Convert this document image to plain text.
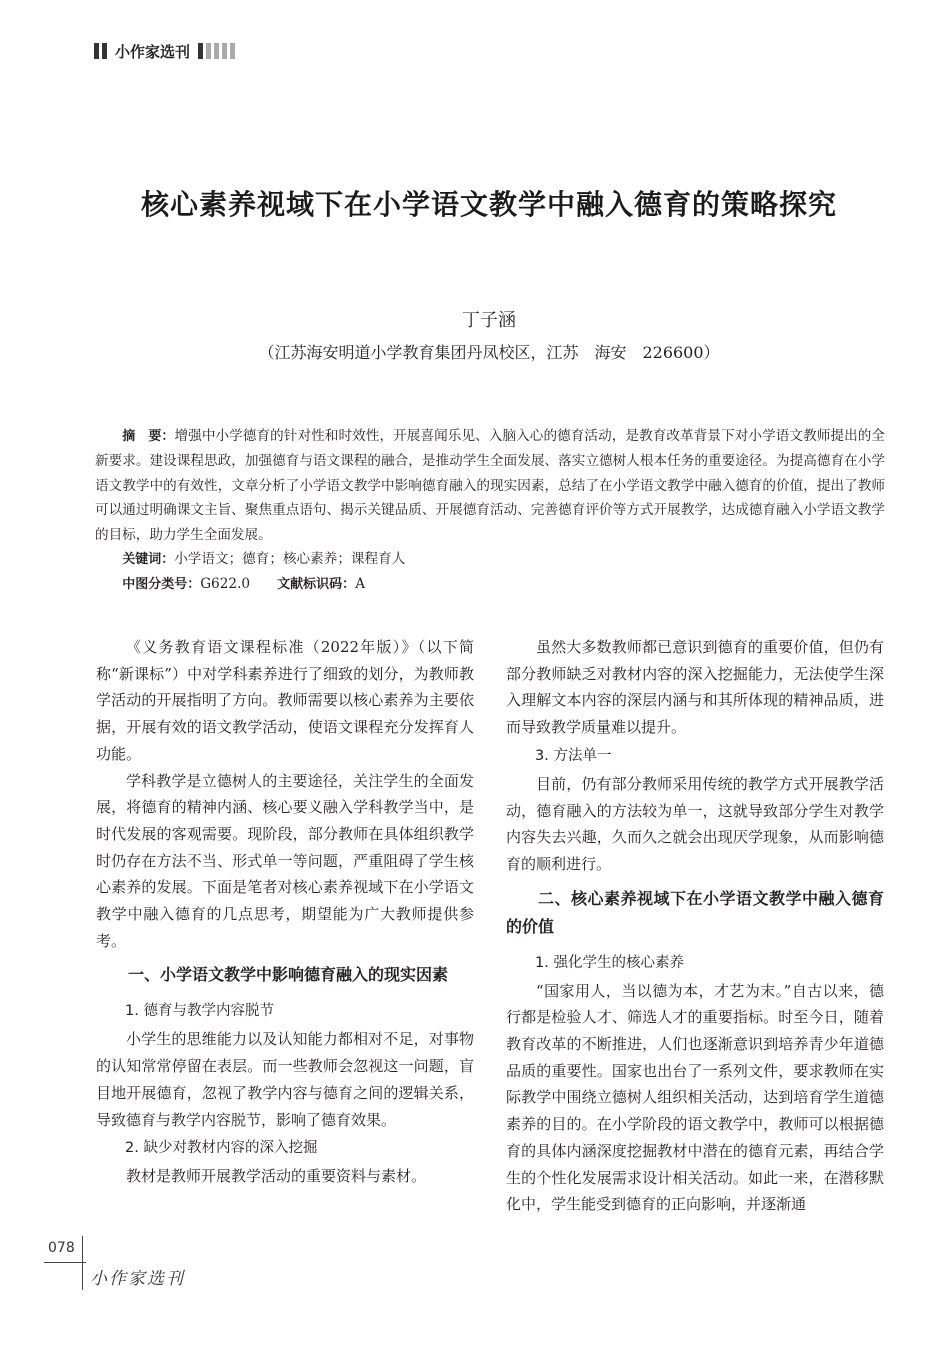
小作家选刊
核心素养视域下在小学语文教学中融入德育的策略探究
丁子涵
（江苏海安明道小学教育集团丹凤校区，江苏　海安　226600）

摘　要：增强中小学德育的针对性和时效性，开展喜闻乐见、入脑入心的德育活动，是教育改革背景下对小学语文教师提出的全新要求。建设课程思政，加强德育与语文课程的融合，是推动学生全面发展、落实立德树人根本任务的重要途径。为提高德育在小学语文教学中的有效性，文章分析了小学语文教学中影响德育融入的现实因素，总结了在小学语文教学中融入德育的价值，提出了教师可以通过明确课文主旨、聚焦重点语句、揭示关键品质、开展德育活动、完善德育评价等方式开展教学，达成德育融入小学语文教学的目标，助力学生全面发展。

关键词：小学语文；德育；核心素养；课程育人
中图分类号：G622.0　　 文献标识码：A

《义务教育语文课程标准（2022年版）》（以下简称“新课标”）中对学科素养进行了细致的划分，为教师教学活动的开展指明了方向。教师需要以核心素养为主要依据，开展有效的语文教学活动，使语文课程充分发挥育人功能。

学科教学是立德树人的主要途径，关注学生的全面发展，将德育的精神内涵、核心要义融入学科教学当中，是时代发展的客观需要。现阶段，部分教师在具体组织教学时仍存在方法不当、形式单一等问题，严重阻碍了学生核心素养的发展。下面是笔者对核心素养视域下在小学语文教学中融入德育的几点思考，期望能为广大教师提供参考。

一、小学语文教学中影响德育融入的现实因素
1. 德育与教学内容脱节

小学生的思维能力以及认知能力都相对不足，对事物的认知常常停留在表层。而一些教师会忽视这一问题，盲目地开展德育，忽视了教学内容与德育之间的逻辑关系，导致德育与教学内容脱节，影响了德育效果。

2. 缺少对教材内容的深入挖掘

教材是教师开展教学活动的重要资料与素材。

虽然大多数教师都已意识到德育的重要价值，但仍有部分教师缺乏对教材内容的深入挖掘能力，无法使学生深入理解文本内容的深层内涵与和其所体现的精神品质，进而导致教学质量难以提升。

3. 方法单一

目前，仍有部分教师采用传统的教学方式开展教学活动，德育融入的方法较为单一，这就导致部分学生对教学内容失去兴趣，久而久之就会出现厌学现象，从而影响德育的顺利进行。

二、核心素养视域下在小学语文教学中融入德育的价值
1. 强化学生的核心素养

“国家用人，当以德为本，才艺为末。”自古以来，德行都是检验人才、筛选人才的重要指标。时至今日，随着教育改革的不断推进，人们也逐渐意识到培养青少年道德品质的重要性。国家也出台了一系列文件，要求教师在实际教学中围绕立德树人组织相关活动，达到培育学生道德素养的目的。在小学阶段的语文教学中，教师可以根据德育的具体内涵深度挖掘教材中潜在的德育元素，再结合学生的个性化发展需求设计相关活动。如此一来，在潜移默化中，学生能受到德育的正向影响，并逐渐通

078
小作家选刊
